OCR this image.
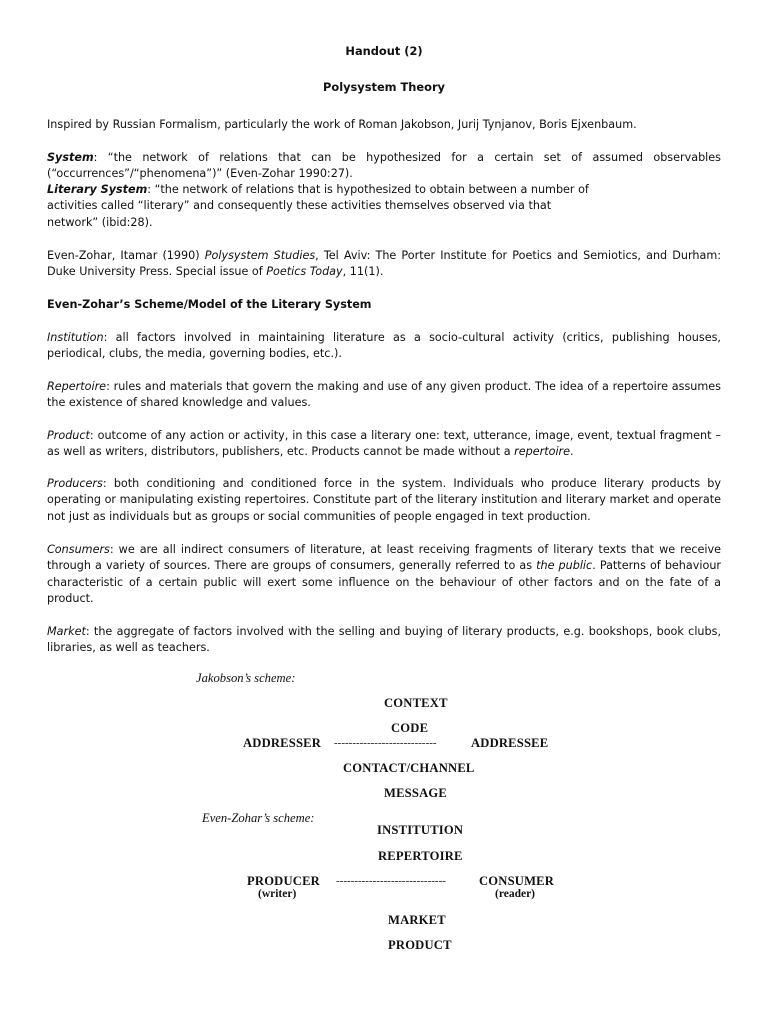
Handout (2)
Polysystem Theory

Inspired by Russian Formalism, particularly the work of Roman Jakobson, Jurij Tynjanov, Boris Ejxenbaum.

System: “the network of relations that can be hypothesized for a certain set of assumed observables (“occurrences”/“phenomena”)” (Even-Zohar 1990:27).

Literary System: “the network of relations that is hypothesized to obtain between a number of
activities called “literary” and consequently these activities themselves observed via that
network” (ibid:28).

Even-Zohar, Itamar (1990) Polysystem Studies, Tel Aviv: The Porter Institute for Poetics and Semiotics, and Durham: Duke University Press. Special issue of Poetics Today, 11(1).

Even-Zohar’s Scheme/Model of the Literary System

Institution: all factors involved in maintaining literature as a socio-cultural activity (critics, publishing houses, periodical, clubs, the media, governing bodies, etc.).

Repertoire: rules and materials that govern the making and use of any given product. The idea of a repertoire assumes the existence of shared knowledge and values.

Product: outcome of any action or activity, in this case a literary one: text, utterance, image, event, textual fragment – as well as writers, distributors, publishers, etc. Products cannot be made without a repertoire.

Producers: both conditioning and conditioned force in the system. Individuals who produce literary products by operating or manipulating existing repertoires. Constitute part of the literary institution and literary market and operate not just as individuals but as groups or social communities of people engaged in text production.

Consumers: we are all indirect consumers of literature, at least receiving fragments of literary texts that we receive through a variety of sources. There are groups of consumers, generally referred to as the public. Patterns of behaviour characteristic of a certain public will exert some influence on the behaviour of other factors and on the fate of a product.

Market: the aggregate of factors involved with the selling and buying of literary products, e.g. bookshops, book clubs, libraries, as well as teachers.

Jakobson’s scheme:
CONTEXT
CODE
ADDRESSER ----------------------------	ADDRESSEE
CONTACT/CHANNEL
MESSAGE
Even-Zohar’s scheme:
INSTITUTION
REPERTOIRE
PRODUCER ------------------------------	CONSUMER
(writer)	(reader)
MARKET
PRODUCT
